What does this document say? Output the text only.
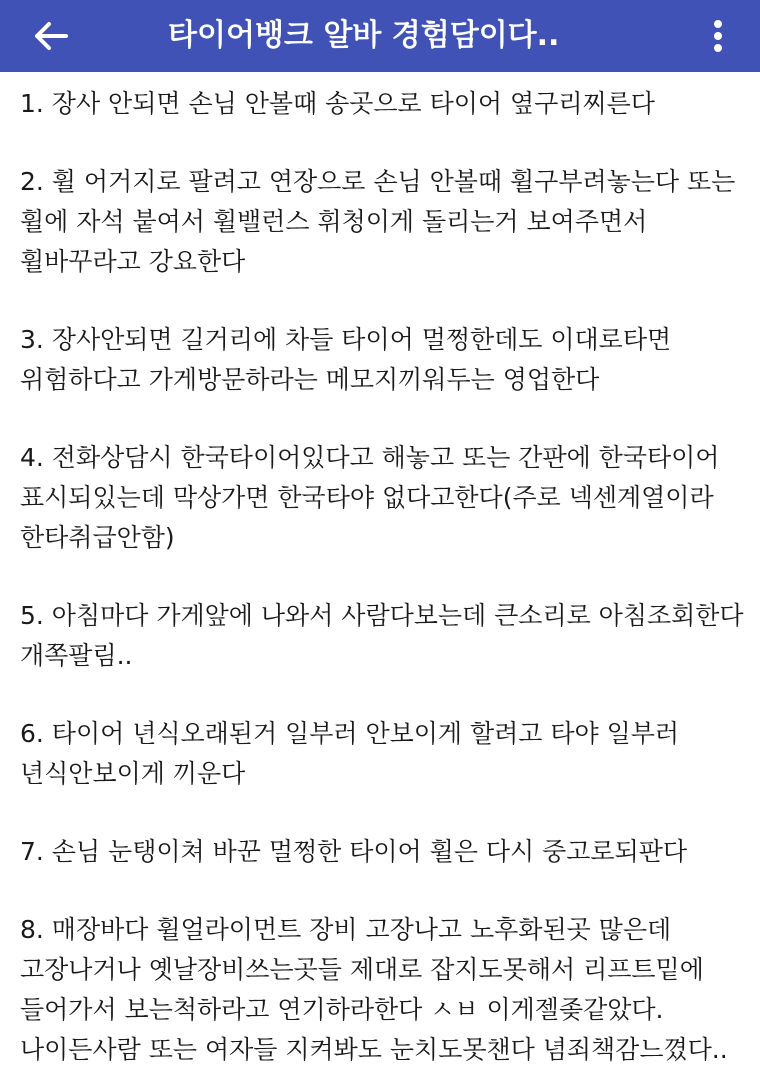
타이어뱅크 알바 경험담이다..

1. 장사 안되면 손님 안볼때 송곳으로 타이어 옆구리찌른다

2. 휠 어거지로 팔려고 연장으로 손님 안볼때 휠구부려놓는다 또는 휠에 자석 붙여서 휠밸런스 휘청이게 돌리는거 보여주면서 휠바꾸라고 강요한다

3. 장사안되면 길거리에 차들 타이어 멀쩡한데도 이대로타면 위험하다고 가게방문하라는 메모지끼워두는 영업한다

4. 전화상담시 한국타이어있다고 해놓고 또는 간판에 한국타이어 표시되있는데 막상가면 한국타야 없다고한다(주로 넥센계열이라 한타취급안함)

5. 아침마다 가게앞에 나와서 사람다보는데 큰소리로 아침조회한다 개쪽팔림..

6. 타이어 년식오래된거 일부러 안보이게 할려고 타야 일부러 년식안보이게 끼운다

7. 손님 눈탱이쳐 바꾼 멀쩡한 타이어 휠은 다시 중고로되판다

8. 매장바다 휠얼라이먼트 장비 고장나고 노후화된곳 많은데 고장나거나 옛날장비쓰는곳들 제대로 잡지도못해서 리프트밑에 들어가서 보는척하라고 연기하라한다 ㅅㅂ 이게젤좆같았다. 나이든사람 또는 여자들 지켜봐도 눈치도못챈다 념죄책감느꼈다..
